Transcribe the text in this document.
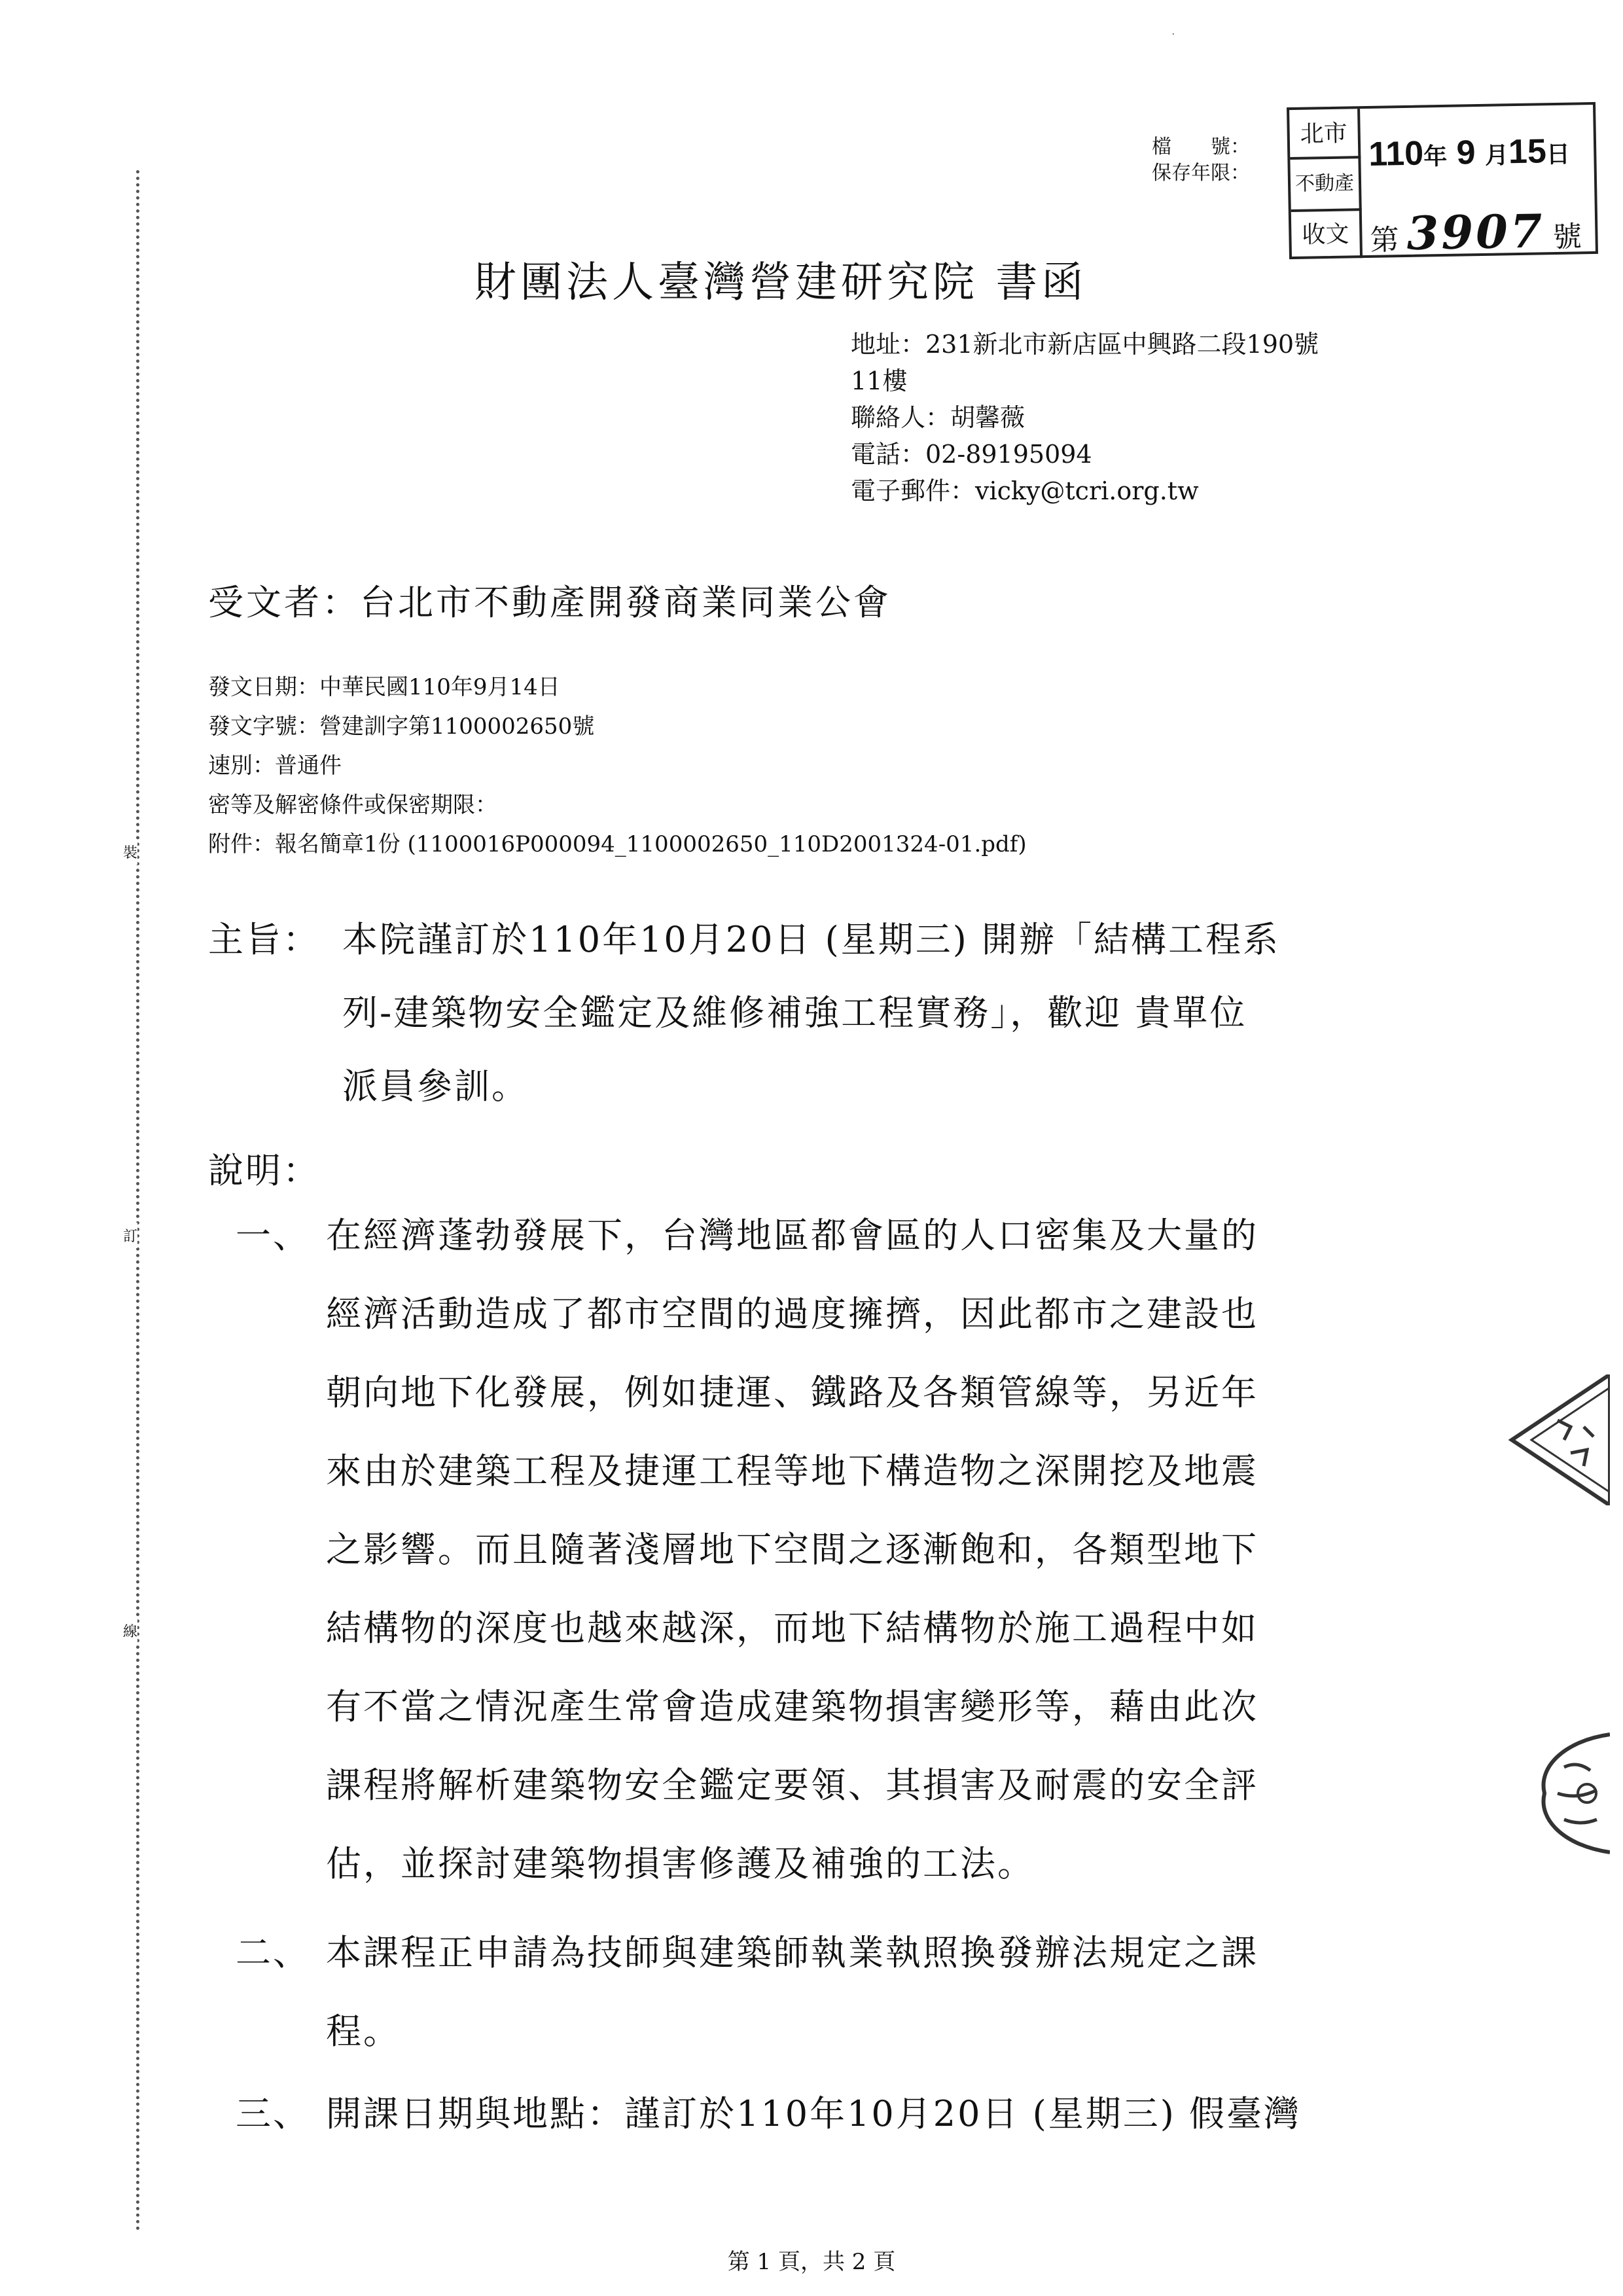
·
裝
訂
線
檔　　號：
保存年限：
北市
不動產
收文
110年 9 月15日
第 3907 號
財團法人臺灣營建研究院 書函
地址：231新北市新店區中興路二段190號
11樓
聯絡人：胡馨薇
電話：02-89195094
電子郵件：vicky@tcri.org.tw
受文者：台北市不動產開發商業同業公會
發文日期：中華民國110年9月14日
發文字號：營建訓字第1100002650號
速別：普通件
密等及解密條件或保密期限：
附件：報名簡章1份 (1100016P000094_1100002650_110D2001324-01.pdf)
主旨： 本院謹訂於110年10月20日 (星期三) 開辦「結構工程系
列-建築物安全鑑定及維修補強工程實務」，歡迎 貴單位
派員參訓。
說明：
一、 在經濟蓬勃發展下，台灣地區都會區的人口密集及大量的
經濟活動造成了都市空間的過度擁擠，因此都市之建設也
朝向地下化發展，例如捷運、鐵路及各類管線等，另近年
來由於建築工程及捷運工程等地下構造物之深開挖及地震
之影響。而且隨著淺層地下空間之逐漸飽和，各類型地下
結構物的深度也越來越深，而地下結構物於施工過程中如
有不當之情況產生常會造成建築物損害變形等，藉由此次
課程將解析建築物安全鑑定要領、其損害及耐震的安全評
估，並探討建築物損害修護及補強的工法。
二、 本課程正申請為技師與建築師執業執照換發辦法規定之課
程。
三、 開課日期與地點：謹訂於110年10月20日 (星期三) 假臺灣
第 1 頁，共 2 頁
